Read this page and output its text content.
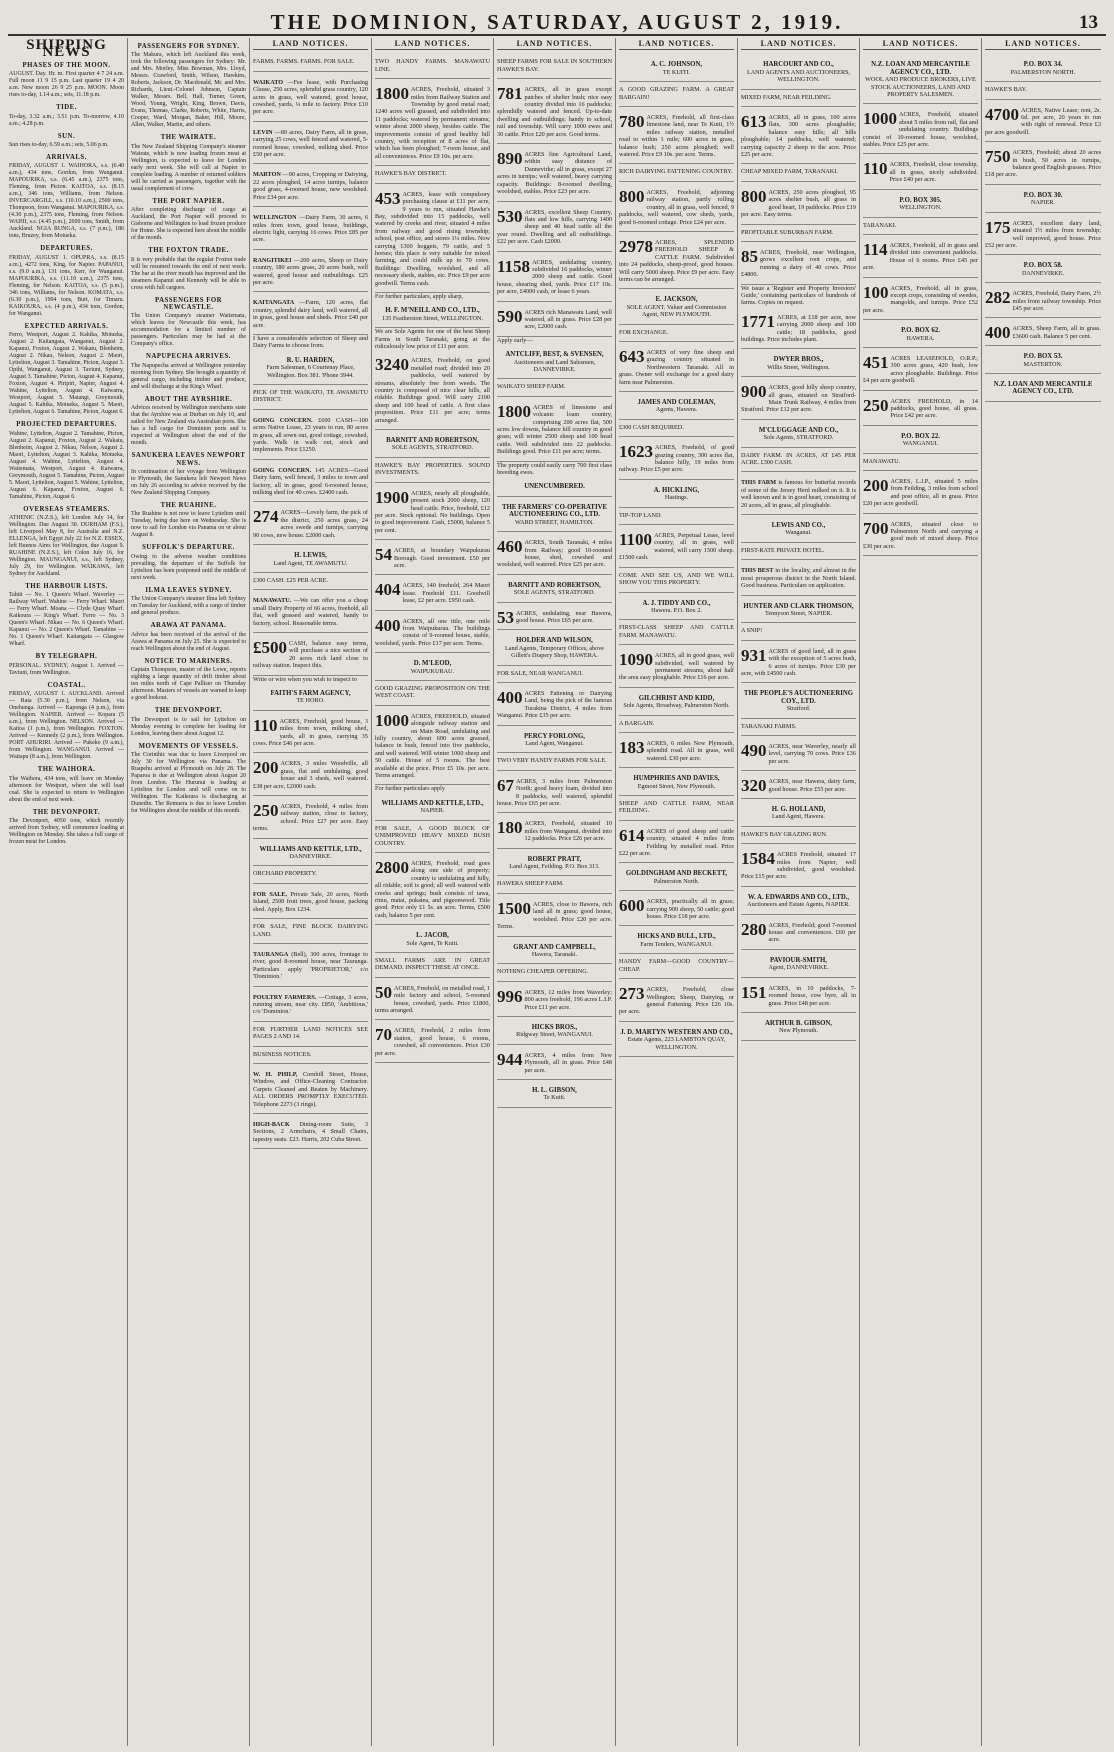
THE DOMINION, SATURDAY, AUGUST 2, 1919.	13
SHIPPING NEWS
PHASES OF THE MOON.
AUGUST. Day. Hr. m. First quarter 4 7 24 a.m. Full moon 11 9 15 p.m. Last quarter 19 4 20 a.m. New moon 26 9 25 p.m. MOON. Moon rises to-day, 1.14 a.m.; sets, 11.18 p.m.
TIDE.
To-day, 3.32 a.m.; 3.51 p.m. To-morrow, 4.10 a.m.; 4.28 p.m.
SUN.
Sun rises to-day, 6.59 a.m.; sets, 5.06 p.m.
ARRIVALS.
FRIDAY, AUGUST 1. WAIHORA, s.s. (6.40 a.m.), 434 tons, Gordon, from Wanganui. MAPOURIKA, s.s. (6.45 a.m.), 2375 tons, Fleming, from Picton. KAITOA, s.s. (8.15 a.m.), 346 tons, Williams, from Nelson. INVERCARGILL, s.s. (10.10 a.m.), 2500 tons, Thompson, from Wanganui. MAPOURIKA, s.s. (4.30 p.m.), 2375 tons, Fleming, from Nelson. WAIHI, s.s. (4.45 p.m.), 2600 tons, Smith, from Auckland. NGIA RUNGA, s.s. (7 p.m.), 186 tons, Bruzey, from Motueka.
DEPARTURES.
FRIDAY, AUGUST 1. OPUPRA, s.s. (8.15 a.m.), 4272 tons, King, for Napier. PAPANUI, s.s. (9.0 a.m.), 131 tons, Kerr, for Wanganui. MAPOURIKA, s.s. (11.10 a.m.), 2375 tons, Fleming, for Nelson. KAITOA, s.s. (5 p.m.), 346 tons, Williams, for Nelson. KOMATA, s.s. (6.30 p.m.), 1994 tons, Burt, for Timaru. KAIKOURA, s.s. (4 p.m.), 434 tons, Gordon, for Wanganui.
EXPECTED ARRIVALS.
Ferro, Westport, August 2. Kahika, Motueka, August 2. Kaitangata, Wanganui, August 2. Kapanui, Foxton, August 2. Wakatu, Blenheim, August 2. Nikau, Nelson, August 2. Maori, Lyttelton, August 3. Tamahine, Picton, August 3. Opihi, Wanganui, August 3. Taviuni, Sydney, August 3. Tamahine, Picton, August 4. Kapanui, Foxton, August 4. Piripiri, Napier, August 4. Wahine, Lyttelton, August 4. Kaiwarra, Westport, August 5. Matangi, Greymouth, August 5. Kahika, Motueka, August 5. Maori, Lyttelton, August 6. Tamahine, Picton, August 6.
PROJECTED DEPARTURES.
Wahine, Lyttelton, August 2. Tamahine, Picton, August 2. Kapanui, Foxton, August 2. Wakatu, Blenheim, August 2. Nikau, Nelson, August 2. Maori, Lyttelton, August 3. Kahika, Motueka, August 4. Wahine, Lyttelton, August 4. Waitemata, Westport, August 4. Kaiwarra, Greymouth, August 5. Tamahine, Picton, August 5. Maori, Lyttelton, August 5. Wahine, Lyttelton, August 6. Kapanui, Foxton, August 6. Tamahine, Picton, August 6.
OVERSEAS STEAMERS.
ATHENIC (N.Z.S.), left London July 14, for Wellington. Due August 30. DURHAM (F.S.), left Liverpool May 8, for Australia and N.Z. ELLENGA, left Egypt July 22 for N.Z. ESSEX, left Buenos Aires for Wellington, due August 9. RUAHINE (N.Z.S.), left Colon July 16, for Wellington. MAUNGANUI, s.s., left Sydney, July 29, for Wellington. WAIKAWA, left Sydney for Auckland.
THE HARBOUR LISTS.
Tahiti — No. 1 Queen's Wharf. Waverley — Railway Wharf. Wahine — Ferry Wharf. Maori — Ferry Wharf. Moana — Clyde Quay Wharf. Kaikoura — King's Wharf. Ferro — No. 3 Queen's Wharf. Nikau — No. 6 Queen's Wharf. Kapanui — No. 2 Queen's Wharf. Tamahine — No. 1 Queen's Wharf. Kaitangata — Glasgow Wharf.
BY TELEGRAPH.
PERSONAL. SYDNEY, August 1. Arrived — Taviuni, from Wellington.
COASTAL.
FRIDAY, AUGUST 1. AUCKLAND. Arrived — Rata (5.30 p.m.), from Nelson, via Onehunga. Arrived — Kaponga (4 p.m.), from Wellington. NAPIER. Arrived — Kopara (5 a.m.), from Wellington. NELSON. Arrived — Kaitoa (1 p.m.), from Wellington. FOXTON. Arrived — Kennedy (2 p.m.), from Wellington. PORT AHURIRI. Arrived — Pukeko (9 a.m.), from Wellington. WANGANUI. Arrived — Waitapu (8 a.m.), from Wellington.
THE WAIHORA.
The Waihora, 434 tons, will leave on Monday afternoon for Westport, where she will load coal. She is expected to return to Wellington about the end of next week.
THE DEVONPORT.
The Devonport, 4050 tons, which recently arrived from Sydney, will commence loading at Wellington on Monday. She takes a full cargo of frozen meat for London.
PASSENGERS FOR SYDNEY.
The Makura, which left Auckland this week, took the following passengers for Sydney: Mr. and Mrs. Morley, Miss Bowman, Mrs. Lloyd, Messrs. Crawford, Smith, Wilson, Hawkins, Roberts, Jackson, Dr. Macdonald, Mr. and Mrs. Richards, Lieut.-Colonel Johnson, Captain Walker, Messrs. Bell, Hall, Turner, Green, Wood, Young, Wright, King, Brown, Davis, Evans, Thomas, Clarke, Roberts, White, Harris, Cooper, Ward, Morgan, Baker, Hill, Moore, Allen, Walker, Martin, and others.
THE WAIRATE.
The New Zealand Shipping Company's steamer Wairate, which is now loading frozen meat at Wellington, is expected to leave for London early next week. She will call at Napier to complete loading. A number of returned soldiers will be carried as passengers, together with the usual complement of crew.
THE PORT NAPIER.
After completing discharge of cargo at Auckland, the Port Napier will proceed to Gisborne and Wellington to load frozen produce for Home. She is expected here about the middle of the month.
THE FOXTON TRADE.
It is very probable that the regular Foxton trade will be resumed towards the end of next week. The bar at the river mouth has improved and the steamers Kapanui and Kennedy will be able to cross with full cargoes.
PASSENGERS FOR NEWCASTLE.
The Union Company's steamer Waitemata, which leaves for Newcastle this week, has accommodation for a limited number of passengers. Particulars may be had at the Company's office.
NAPUPECHA ARRIVES.
The Napupecha arrived at Wellington yesterday morning from Sydney. She brought a quantity of general cargo, including timber and produce, and will discharge at the King's Wharf.
ABOUT THE AYRSHIRE.
Advices received by Wellington merchants state that the Ayrshire was at Durban on July 10, and sailed for New Zealand via Australian ports. She has a full cargo for Dominion ports and is expected at Wellington about the end of the month.
SANUKERA LEAVES NEWPORT NEWS.
In continuation of her voyage from Wellington to Plymouth, the Sanukera left Newport News on July 26 according to advice received by the New Zealand Shipping Company.
THE RUAHINE.
The Ruahine is not now to leave Lyttelton until Tuesday, being due here on Wednesday. She is now to sail for London via Panama on or about August 8.
SUFFOLK'S DEPARTURE.
Owing to the adverse weather conditions prevailing, the departure of the Suffolk for Lyttelton has been postponed until the middle of next week.
ILMA LEAVES SYDNEY.
The Union Company's steamer Ilma left Sydney on Tuesday for Auckland, with a cargo of timber and general produce.
ARAWA AT PANAMA.
Advice has been received of the arrival of the Arawa at Panama on July 25. She is expected to reach Wellington about the end of August.
NOTICE TO MARINERS.
Captain Thompson, master of the Lowe, reports sighting a large quantity of drift timber about ten miles north of Cape Palliser on Thursday afternoon. Masters of vessels are warned to keep a good lookout.
THE DEVONPORT.
The Devonport is to sail for Lyttelton on Monday evening to complete her loading for London, leaving there about August 12.
MOVEMENTS OF VESSELS.
The Corinthic was due to leave Liverpool on July 30 for Wellington via Panama. The Ruapehu arrived at Plymouth on July 28. The Paparoa is due at Wellington about August 20 from London. The Hurunui is loading at Lyttelton for London and will come on to Wellington. The Kaikoura is discharging at Dunedin. The Remuera is due to leave London for Wellington about the middle of this month.
LAND NOTICES.
FARMS. FARMS. FARMS. FOR SALE.
WAIKATO —Fee lease, with Purchasing Clause, 250 acres, splendid grass country, 120 acres in grass, well watered, good house, cowshed, yards, ¼ mile to factory. Price £10 per acre.
LEVIN —80 acres, Dairy Farm, all in grass, carrying 25 cows, well fenced and watered, 5-roomed house, cowshed, milking shed. Price £50 per acre.
MARTON —90 acres, Cropping or Dairying, 22 acres ploughed, 14 acres turnips, balance good grass, 4-roomed house, new woolshed. Price £34 per acre.
WELLINGTON —Dairy Farm, 30 acres, 6 miles from town, good house, buildings, electric light, carrying 16 cows. Price £85 per acre.
RANGITIKEI —200 acres, Sheep or Dairy country, 180 acres grass, 20 acres bush, well watered, good house and outbuildings. £25 per acre.
KAITANGATA —Farm, 120 acres, flat country, splendid dairy land, well watered, all in grass, good house and sheds. Price £40 per acre.
I have a considerable selection of Sheep and Dairy Farms to choose from.
R. U. HARDEN,
Farm Salesman, 6 Courtenay Place, Wellington. Box 381. 'Phone 3944.
PICK OF THE WAIKATO, TE AWAMUTU DISTRICT.
GOING CONCERN. £600 CASH—100 acres Native Lease, 23 years to run, 80 acres in grass, all sown out, good cottage, cowshed, yards. Walk in walk out, stock and implements. Price £1250.
GOING CONCERN. 145 ACRES—Good Dairy farm, well fenced, 3 miles to town and factory, all in grass, good 6-roomed house, milking shed for 40 cows. £2400 cash.
274 ACRES—Lovely farm, the pick of the district, 250 acres grass, 24 acres swede and turnips, carrying 90 cows, new house. £2000 cash.
H. LEWIS,
Land Agent, TE AWAMUTU.
£300 CASH. £25 PER ACRE.
MANAWATU. —We can offer you a cheap small Dairy Property of 66 acres, freehold, all flat, well grassed and watered, handy to factory, school. Reasonable terms.
£500 CASH, balance easy terms, will purchase a nice section of 20 acres rich land close to railway station. Inspect this.
Write or wire when you wish to inspect to
FAITH'S FARM AGENCY,
TE HORO.
110 ACRES, Freehold, good house, 3 miles from town, milking shed, yards, all in grass, carrying 35 cows. Price £46 per acre.
200 ACRES, 3 miles Woodville, all grass, flat and undulating, good house and 3 sheds, well watered. £38 per acre, £2000 cash.
250 ACRES, Freehold, 4 miles from railway station, close to factory, school. Price £27 per acre. Easy terms.
WILLIAMS AND KETTLE, LTD.,
DANNEVIRKE.
ORCHARD PROPERTY.
FOR SALE, Private Sale, 20 acres, North Island, 2500 fruit trees, good house, packing shed. Apply, Box 1234.
FOR SALE, FINE BLOCK DAIRYING LAND.
TAURANGA (Bell), 300 acres, frontage to river, good 8-roomed house, near Tauranga. Particulars apply 'PROPRIETOR,' c/o 'Dominion.'
POULTRY FARMERS. —Cottage, 3 acres, running stream, near city. £850, 'Ambitious,' c/o 'Dominion.'
FOR FURTHER LAND NOTICES SEE PAGES 2 AND 14.
BUSINESS NOTICES.
W. H. PHILP, Cornhill Street, House, Window, and Office-Cleaning Contractor. Carpets Cleaned and Beaten by Machinery. ALL ORDERS PROMPTLY EXECUTED. Telephone 2273 (3 rings).
HIGH-BACK Dining-room Suite, 3 Sections, 2 Armchairs, 4 Small Chairs, tapestry seats. £23. Harris, 202 Cuba Street.
LAND NOTICES.
TWO HANDY FARMS. MANAWATU LINE.
1800 ACRES, Freehold, situated 3 miles from Railway Station and Township by good metal road; 1240 acres well grassed, and subdivided into 11 paddocks; watered by permanent streams; winter about 2000 sheep, besides cattle. The improvements consist of good healthy hill country, with reception of 8 acres of flat, which has been ploughed; 7-room house, and all conveniences. Price £9 10s. per acre.
HAWKE'S BAY DISTRICT.
453 ACRES, lease with compulsory purchasing clause at £11 per acre, 9 years to run, situated Hawke's Bay, subdivided into 15 paddocks, well watered by creeks and river, situated 4 miles from railway and good rising township; school, post office, and stores 1¼ miles. Now carrying 1300 hoggets, 79 cattle, and 5 horses; this place is very suitable for mixed farming, and could milk up to 70 cows. Buildings: Dwelling, woolshed, and all necessary sheds, stables, etc. Price £9 per acre goodwill. Terms cash.
For further particulars, apply sharp,
H. F. M'NEILL AND CO., LTD.,
135 Featherston Street, WELLINGTON.
We are Sole Agents for one of the best Sheep Farms in South Taranaki, going at the ridiculously low price of £11 per acre.
3240 ACRES, Freehold, on good metalled road; divided into 20 paddocks, well watered by streams, absolutely free from weeds. The country is composed of nice clear hills, all ridable. Buildings good. Will carry 2100 sheep and 100 head of cattle. A first class proposition. Price £11 per acre; terms arranged.
BARNITT AND ROBERTSON,
SOLE AGENTS, STRATFORD.
HAWKE'S BAY PROPERTIES. SOUND INVESTMENTS.
1900 ACRES, nearly all ploughable, present stock 2000 sheep, 120 head cattle. Price, freehold, £12 per acre. Stock optional. No buildings. Open to good improvement. Cash, £5000, balance 5 per cent.
54 ACRES, at boundary Waipukurau Borough. Good investment. £50 per acre.
404 ACRES, 140 freehold, 264 Maori lease. Freehold £11. Goodwill lease, £2 per acre. £950 cash.
400 ACRES, all one title, one mile from Waipukurau. The buildings consist of 9-roomed house, stable, woolshed, yards. Price £17 per acre. Terms.
D. M'LEOD,
WAIPUKURAU.
GOOD GRAZING PROPOSITION ON THE WEST COAST.
1000 ACRES, FREEHOLD, situated alongside railway station and on Main Road, undulating and hilly country, about 600 acres grassed, balance in bush, fenced into five paddocks, and well watered. Will winter 1000 sheep and 50 cattle. House of 5 rooms. The best available at the price. Price £5 10s. per acre. Terms arranged.
For further particulars apply
WILLIAMS AND KETTLE, LTD.,
NAPIER.
FOR SALE, A GOOD BLOCK OF UNIMPROVED HEAVY MIXED BUSH COUNTRY.
2800 ACRES, Freehold, road goes along one side of property; country is undulating and hilly, all ridable; soil is good; all well watered with creeks and springs; bush consists of tawa, rimu, matai, pukatea, and pigeonwood. Title good. Price only £1 5s. an acre. Terms, £500 cash, balance 5 per cent.
L. JACOB,
Sole Agent, Te Kuiti.
SMALL FARMS ARE IN GREAT DEMAND. INSPECT THESE AT ONCE.
50 ACRES, Freehold, on metalled road, 1 mile factory and school, 5-roomed house, cowshed, yards. Price £1800, terms arranged.
70 ACRES, Freehold, 2 miles from station, good house, 6 rooms, cowshed, all conveniences. Price £30 per acre.
LAND NOTICES.
SHEEP FARMS FOR SALE IN SOUTHERN HAWKE'S BAY.
781 ACRES, all in grass except patches of shelter bush; nice easy country divided into 16 paddocks; splendidly watered and fenced. Up-to-date dwelling and outbuildings; handy to school, rail and township. Will carry 1000 ewes and 30 cattle. Price £20 per acre. Good terms.
890 ACRES fine Agricultural Land, within easy distance of Dannevirke; all in grass, except 27 acres in turnips; well watered, heavy carrying capacity. Buildings: 8-roomed dwelling, woolshed, stables. Price £23 per acre.
530 ACRES, excellent Sheep Country, flats and low hills, carrying 1400 sheep and 40 head cattle all the year round. Dwelling and all outbuildings. £22 per acre. Cash £2000.
1158 ACRES, undulating country, subdivided 16 paddocks, winter 2000 sheep and cattle. Good house, shearing shed, yards. Price £17 10s. per acre, £4000 cash, or lease 6 years.
590 ACRES rich Manawatu Land, well watered, all in grass. Price £28 per acre, £2000 cash.
Apply early—
ANTCLIFF, BEST, & SVENSEN,
Auctioneers and Land Salesmen, DANNEVIRKE.
WAIKATO SHEEP FARM.
1800 ACRES of limestone and volcanic loam country, comprising 200 acres flat, 500 acres low downs, balance hill country in good grass; will winter 2500 sheep and 100 head cattle. Well subdivided into 22 paddocks. Buildings good. Price £11 per acre; terms.
The property could easily carry 700 first class breeding ewes.
UNENCUMBERED.
THE FARMERS' CO-OPERATIVE AUCTIONEERING CO., LTD.
WARD STREET, HAMILTON.
460 ACRES, South Taranaki, 4 miles from Railway; good 10-roomed house, shed, cowshed and woolshed, well watered. Price £25 per acre.
BARNITT AND ROBERTSON,
SOLE AGENTS, STRATFORD.
53 ACRES, undulating, near Hawera, good house. Price £65 per acre.
HOLDER AND WILSON,
Land Agents, Temporary Offices, above Gillett's Drapery Shop, HAWERA.
FOR SALE, NEAR WANGANUI.
400 ACRES Fattening or Dairying Land, being the pick of the famous Turakina District, 4 miles from Wanganui. Price £35 per acre.
PERCY FORLONG,
Land Agent, Wanganui.
TWO VERY HANDY FARMS FOR SALE.
67 ACRES, 3 miles from Palmerston North; good heavy loam, divided into 8 paddocks, well watered, splendid house. Price £65 per acre.
180 ACRES, Freehold, situated 10 miles from Wanganui, divided into 12 paddocks. Price £26 per acre.
ROBERT PRATT,
Land Agent, Feilding. P.O. Box 313.
HAWERA SHEEP FARM.
1500 ACRES, close to Hawera, rich land all in grass; good house, woolshed. Price £20 per acre. Terms.
GRANT AND CAMPBELL,
Hawera, Taranaki.
NOTHING CHEAPER OFFERING.
996 ACRES, 12 miles from Waverley; 800 acres freehold, 196 acres L.I.P. Price £11 per acre.
HICKS BROS.,
Ridgway Street, WANGANUI.
944 ACRES, 4 miles from New Plymouth, all in grass. Price £48 per acre.
H. L. GIBSON,
Te Kuiti.
LAND NOTICES.
A. C. JOHNSON,
TE KUITI.
A GOOD GRAZING FARM. A GREAT BARGAIN!
780 ACRES, Freehold, all first-class limestone land, near Te Kuiti, 1½ miles railway station, metalled road to within 1 mile; 600 acres in grass, balance bush; 250 acres ploughed; well watered. Price £9 10s. per acre. Terms.
RICH DAIRYING FATTENING COUNTRY.
800 ACRES, Freehold, adjoining railway station, partly rolling country, all in grass, well fenced, 9 paddocks, well watered, cow sheds, yards, good 6-roomed cottage. Price £24 per acre.
2978 ACRES, SPLENDID FREEHOLD SHEEP & CATTLE FARM. Subdivided into 24 paddocks, sheep-proof, good houses. Will carry 5000 sheep. Price £9 per acre. Easy terms can be arranged.
E. JACKSON,
SOLE AGENT. Valuer and Commission Agent, NEW PLYMOUTH.
FOR EXCHANGE.
643 ACRES of very fine sheep and grazing country situated in Northwestern Taranaki. All in grass. Owner will exchange for a good dairy farm near Palmerston.
JAMES AND COLEMAN,
Agents, Hawera.
£300 CASH REQUIRED.
1623 ACRES, Freehold, of good grazing country, 300 acres flat, balance hilly, 19 miles from railway. Price £5 per acre.
A. HICKLING,
Hastings.
TIP-TOP LAND.
1100 ACRES, Perpetual Lease, level country, all in grass, well watered, will carry 1500 sheep. £1500 cash.
COME AND SEE US, AND WE WILL SHOW YOU THIS PROPERTY.
A. J. TIDDY AND CO.,
Hawera. P.O. Box 2.
FIRST-CLASS SHEEP AND CATTLE FARM. MANAWATU.
1090 ACRES, all in good grass, well subdivided, well watered by permanent streams, about half the area easy ploughable. Price £16 per acre.
GILCHRIST AND KIDD,
Sole Agents, Broadway, Palmerston North.
A BARGAIN.
183 ACRES, 6 miles New Plymouth, splendid road. All in grass, well watered. £30 per acre.
HUMPHRIES AND DAVIES,
Egmont Street, New Plymouth.
SHEEP AND CATTLE FARM, NEAR FEILDING.
614 ACRES of good sheep and cattle country, situated 4 miles from Feilding by metalled road. Price £22 per acre.
GOLDINGHAM AND BECKETT,
Palmerston North.
600 ACRES, practically all in grass; carrying 900 sheep, 50 cattle; good house. Price £18 per acre.
HICKS AND BULL, LTD.,
Farm Tenders, WANGANUI.
HANDY FARM—GOOD COUNTRY—CHEAP.
273 ACRES, Freehold, close Wellington; Sheep, Dairying, or general Fattening. Price £26 10s. per acre.
J. D. MARTYN WESTERN AND CO.,
Estate Agents, 223 LAMBTON QUAY, WELLINGTON.
LAND NOTICES.
HARCOURT AND CO.,
LAND AGENTS AND AUCTIONEERS, WELLINGTON.
MIXED FARM, NEAR FEILDING.
613 ACRES, all in grass, 100 acres flats, 300 acres ploughable; balance easy hills; all hills ploughable; 14 paddocks, well watered; carrying capacity 2 sheep to the acre. Price £25 per acre.
CHEAP MIXED FARM, TARANAKI.
800 ACRES, 250 acres ploughed, 95 acres shelter bush, all grass in good heart, 19 paddocks. Price £19 per acre. Easy terms.
PROFITABLE SUBURBAN FARM.
85 ACRES, Freehold, near Wellington, grows excellent root crops, and running a dairy of 40 cows. Price £4800.
We issue a 'Register and Property Investors' Guide,' containing particulars of hundreds of farms. Copies on request.
1771 ACRES, at £18 per acre, now carrying 2000 sheep and 100 cattle; 18 paddocks, good buildings. Price includes plant.
DWYER BROS.,
Willis Street, Wellington.
900 ACRES, good hilly sheep country, all grass, situated on Stratford-Main Trunk Railway, 4 miles from Stratford. Price £12 per acre.
M'CLUGGAGE AND CO.,
Sole Agents, STRATFORD.
DAIRY FARM. IN ACRES, AT £45 PER ACRE. £300 CASH.
THIS FARM is famous for butterfat records of some of the Jersey Herd milked on it. It is well known and is in good heart, consisting of 20 acres, all in grass, all ploughable.
LEWIS AND CO.,
Wanganui.
FIRST-RATE PRIVATE HOTEL.
THIS BEST in the locality, and almost in the most prosperous district in the North Island. Good business. Particulars on application.
HUNTER AND CLARK THOMSON,
Tennyson Street, NAPIER.
A SNIP!
931 ACRES of good land, all in grass with the exception of 5 acres bush, 6 acres of turnips. Price £30 per acre, with £4500 cash.
THE PEOPLE'S AUCTIONEERING COY., LTD.
Stratford.
TARANAKI FARMS.
490 ACRES, near Waverley, nearly all level, carrying 70 cows. Price £36 per acre.
320 ACRES, near Hawera, dairy farm, good house. Price £55 per acre.
H. G. HOLLAND,
Land Agent, Hawera.
HAWKE'S BAY GRAZING RUN.
1584 ACRES Freehold, situated 17 miles from Napier, well subdivided, good woolshed. Price £15 per acre.
W. A. EDWARDS AND CO., LTD.,
Auctioneers and Estate Agents, NAPIER.
280 ACRES, Freehold; good 7-roomed house and conveniences. £60 per acre.
PAVIOUR-SMITH,
Agent, DANNEVIRKE.
151 ACRES, in 10 paddocks, 7-roomed house, cow byre, all in grass. Price £48 per acre.
ARTHUR B. GIBSON,
New Plymouth.
LAND NOTICES.
N.Z. LOAN AND MERCANTILE AGENCY CO., LTD.
WOOL AND PRODUCE BROKERS, LIVE STOCK AUCTIONEERS, LAND AND PROPERTY SALESMEN.
1000 ACRES, Freehold, situated about 5 miles from rail, flat and undulating country. Buildings consist of 10-roomed house, woolshed, stables. Price £25 per acre.
110 ACRES, Freehold, close township, all in grass, nicely subdivided. Price £40 per acre.
P.O. BOX 305.
WELLINGTON.
TARANAKI.
114 ACRES, Freehold, all in grass and divided into convenient paddocks. House of 6 rooms. Price £45 per acre.
100 ACRES, Freehold, all in grass, except crops, consisting of swedes, mangolds, and turnips. Price £52 per acre.
P.O. BOX 62.
HAWERA.
451 ACRES LEASEHOLD, O.R.P.; 390 acres grass, 420 bush, low acres ploughable. Buildings. Price £4 per acre goodwill.
250 ACRES FREEHOLD, in 14 paddocks, good house, all grass. Price £42 per acre.
P.O. BOX 22.
WANGANUI.
MANAWATU.
200 ACRES, L.I.P., situated 5 miles from Feilding, 3 miles from school and post office, all in grass. Price £20 per acre goodwill.
700 ACRES, situated close to Palmerston North and carrying a good mob of mixed sheep. Price £30 per acre.
LAND NOTICES.
P.O. BOX 34.
PALMERSTON NORTH.
HAWKE'S BAY.
4700 ACRES, Native Lease; rent, 2s. 6d. per acre, 20 years to run with right of renewal. Price £3 per acre goodwill.
750 ACRES, Freehold; about 20 acres in bush, 50 acres in turnips, balance good English grasses. Price £18 per acre.
P.O. BOX 30.
NAPIER.
175 ACRES, excellent dairy land, situated 1½ miles from township; well improved, good house. Price £52 per acre.
P.O. BOX 58.
DANNEVIRKE.
282 ACRES, Freehold, Dairy Farm, 2½ miles from railway township. Price £45 per acre.
400 ACRES, Sheep Farm, all in grass. £3600 cash. Balance 5 per cent.
P.O. BOX 53.
MASTERTON.
N.Z. LOAN AND MERCANTILE AGENCY CO., LTD.
